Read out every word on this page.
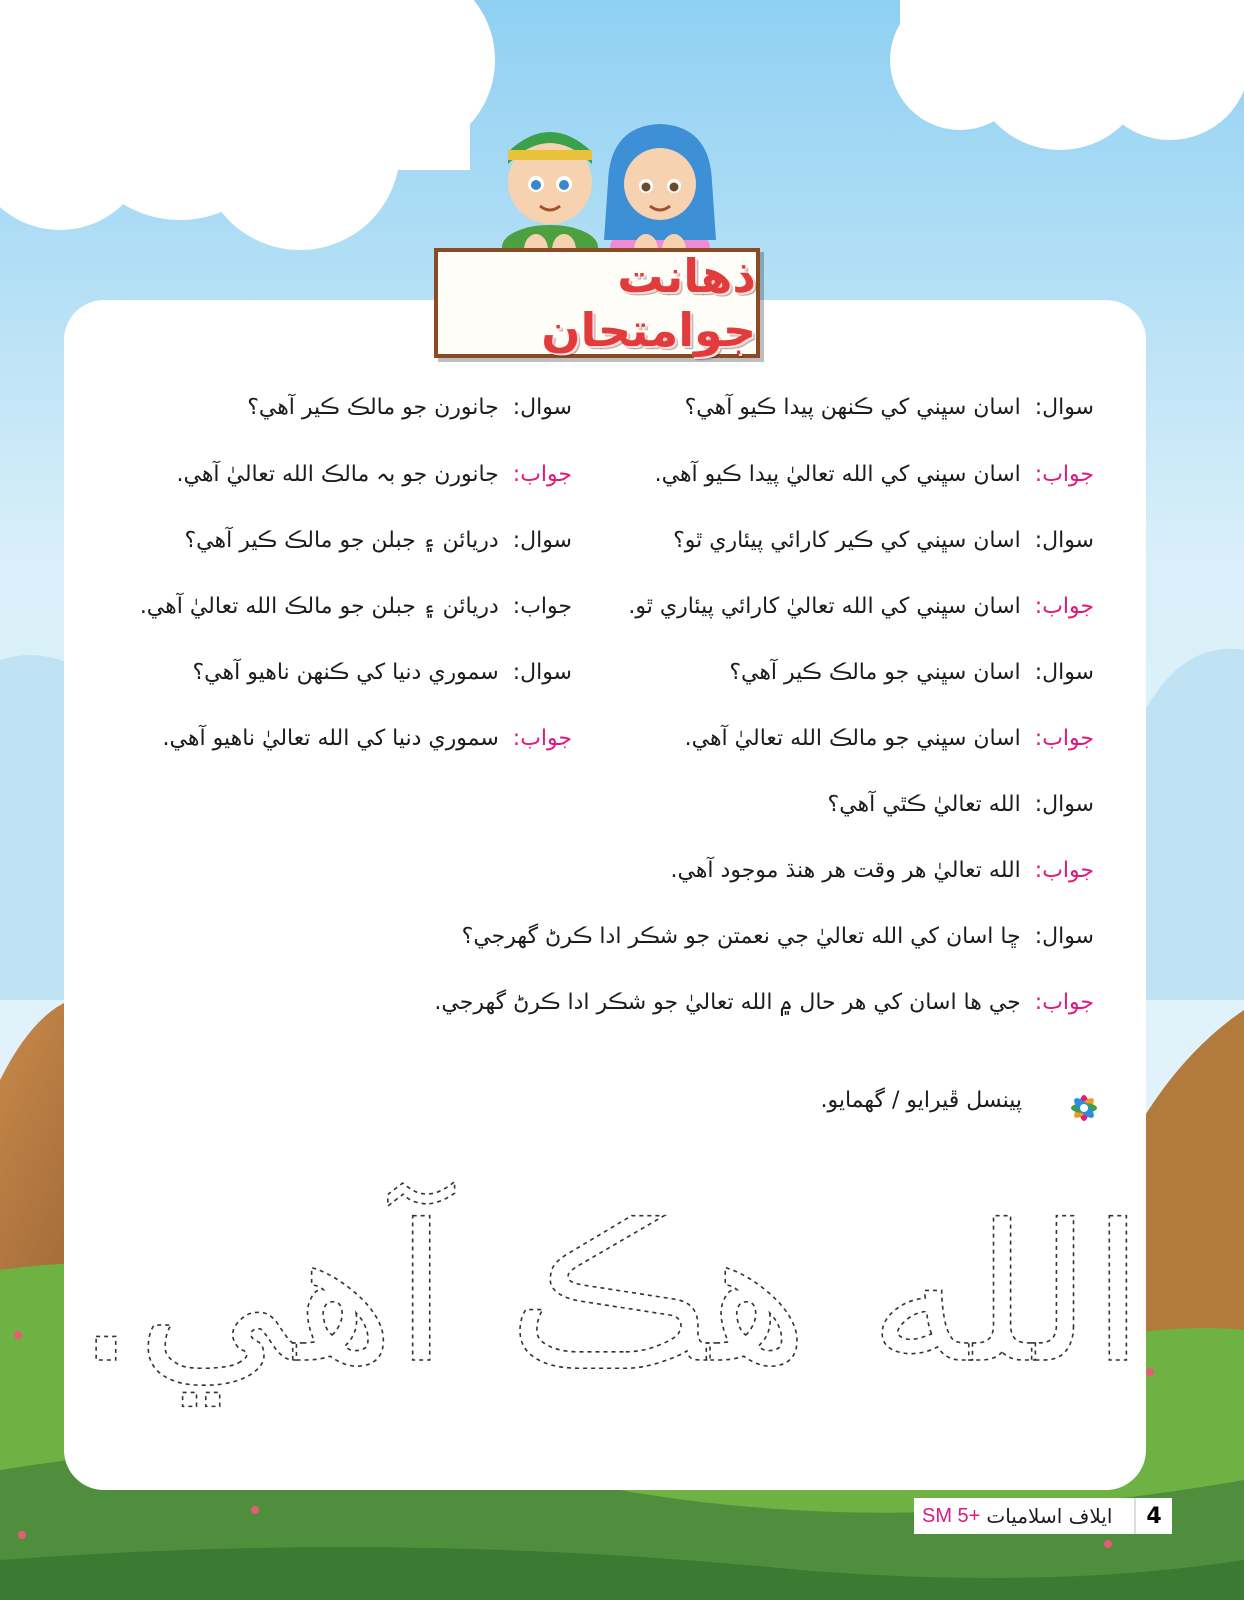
ذهانت جوامتحان
سوال:اسان سڀني کي ڪنهن پيدا ڪيو آهي؟
جواب:اسان سڀني کي الله تعاليٰ پيدا ڪيو آهي.
سوال:اسان سڀني کي ڪير کارائي پيئاري ٿو؟
جواب:اسان سڀني کي الله تعاليٰ کارائي پيئاري ٿو.
سوال:اسان سڀني جو مالڪ ڪير آهي؟
جواب:اسان سڀني جو مالڪ الله تعاليٰ آهي.
سوال:الله تعاليٰ ڪٿي آهي؟
جواب:الله تعاليٰ هر وقت هر هنڌ موجود آهي.
سوال:ڇا اسان کي الله تعاليٰ جي نعمتن جو شڪر ادا ڪرڻ گهرجي؟
جواب:جي ها اسان کي هر حال ۾ الله تعاليٰ جو شڪر ادا ڪرڻ گهرجي.
سوال:جانورن جو مالڪ ڪير آهي؟
جواب:جانورن جو بہ مالڪ الله تعاليٰ آهي.
سوال:دريائن ۽ جبلن جو مالڪ ڪير آهي؟
جواب:دريائن ۽ جبلن جو مالڪ الله تعاليٰ آهي.
سوال:سموري دنيا کي ڪنهن ناهيو آهي؟
جواب:سموري دنيا کي الله تعاليٰ ناهيو آهي.
پينسل ڦيرايو / گهمايو.
الله هڪ آهي.
SM 5+ ايلاف اسلاميات	4
